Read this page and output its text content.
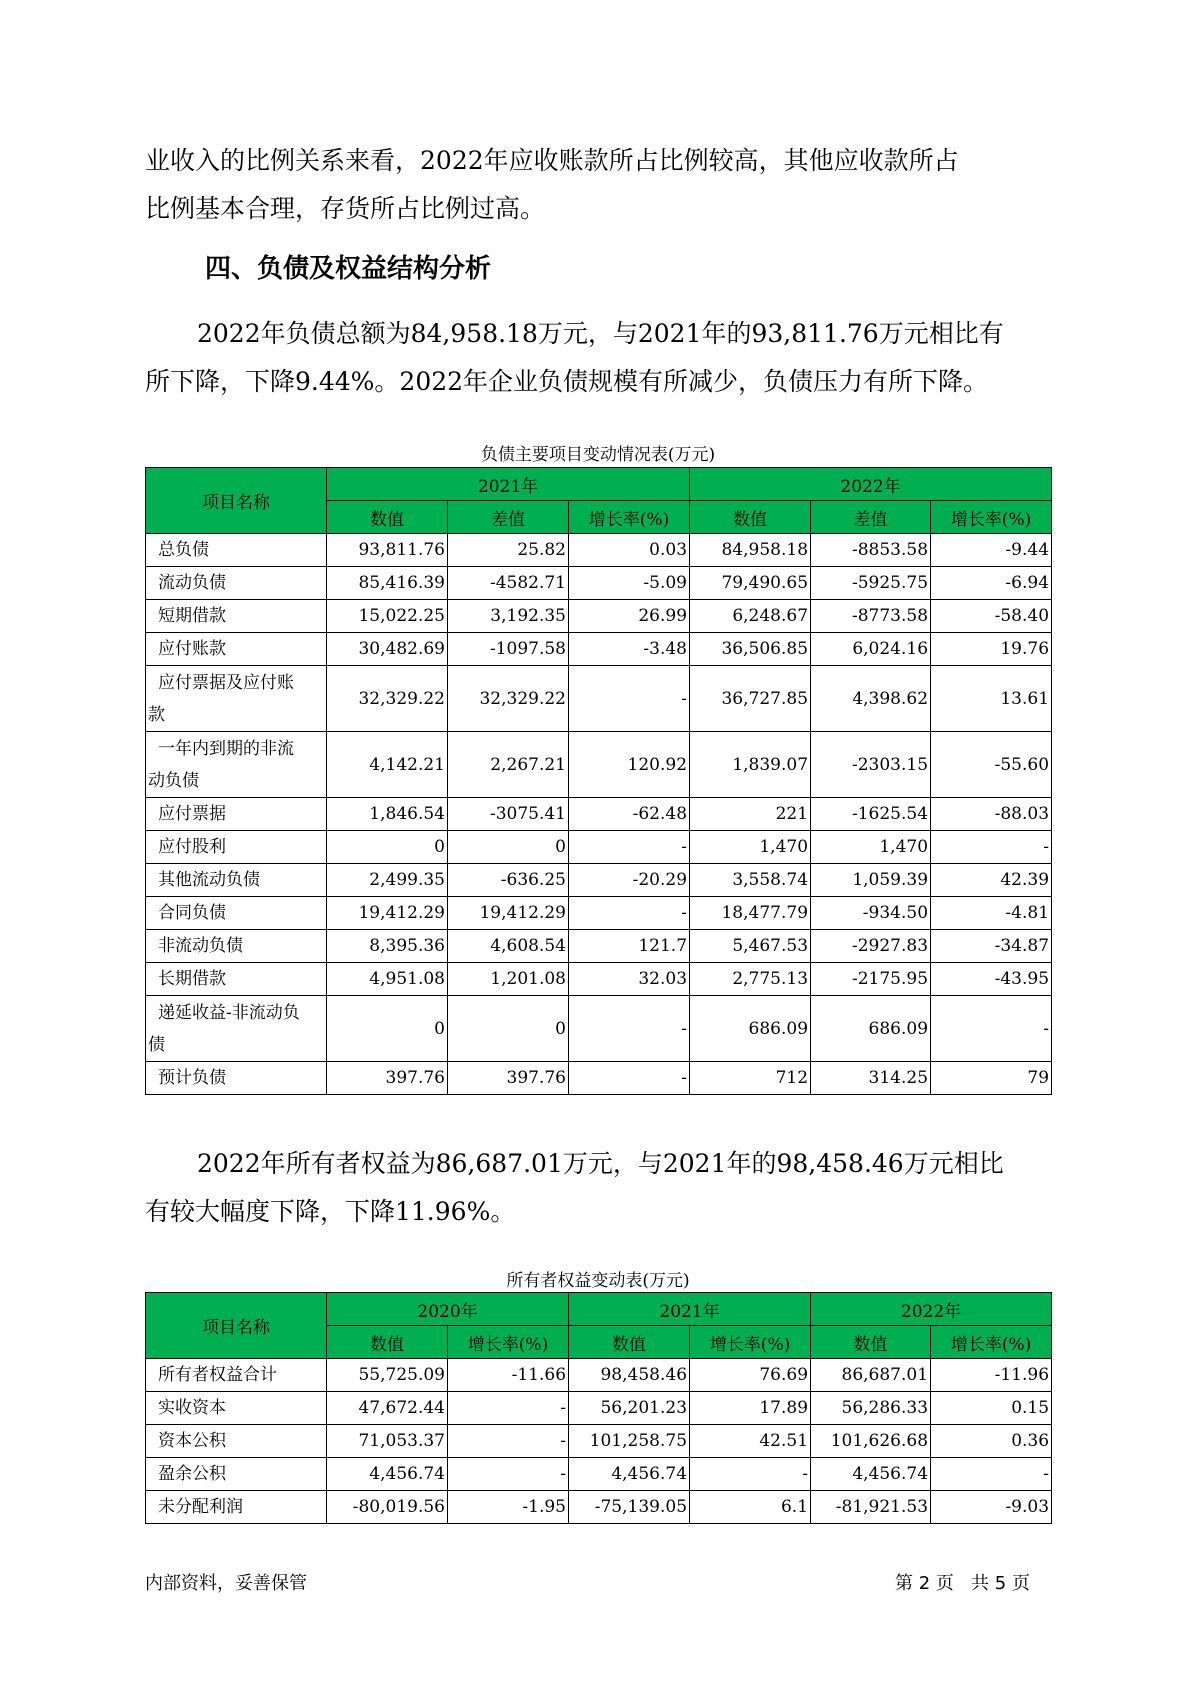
业收入的比例关系来看，2022年应收账款所占比例较高，其他应收款所占

比例基本合理，存货所占比例过高。

四、负债及权益结构分析

2022年负债总额为84,958.18万元，与2021年的93,811.76万元相比有

所下降，下降9.44%。2022年企业负债规模有所减少，负债压力有所下降。

负债主要项目变动情况表(万元)
项目名称	2021年			2022年		
	数值	差值	增长率(%)	数值	差值	增长率(%)
总负债	93,811.76	25.82	0.03	84,958.18	-8853.58	-9.44
流动负债	85,416.39	-4582.71	-5.09	79,490.65	-5925.75	-6.94
短期借款	15,022.25	3,192.35	26.99	6,248.67	-8773.58	-58.40
应付账款	30,482.69	-1097.58	-3.48	36,506.85	6,024.16	19.76
应付票据及应付账
款	32,329.22	32,329.22	-	36,727.85	4,398.62	13.61
一年内到期的非流
动负债	4,142.21	2,267.21	120.92	1,839.07	-2303.15	-55.60
应付票据	1,846.54	-3075.41	-62.48	221	-1625.54	-88.03
应付股利	0	0	-	1,470	1,470	-
其他流动负债	2,499.35	-636.25	-20.29	3,558.74	1,059.39	42.39
合同负债	19,412.29	19,412.29	-	18,477.79	-934.50	-4.81
非流动负债	8,395.36	4,608.54	121.7	5,467.53	-2927.83	-34.87
长期借款	4,951.08	1,201.08	32.03	2,775.13	-2175.95	-43.95
递延收益-非流动负
债	0	0	-	686.09	686.09	-
预计负债	397.76	397.76	-	712	314.25	79

2022年所有者权益为86,687.01万元，与2021年的98,458.46万元相比

有较大幅度下降，下降11.96%。

所有者权益变动表(万元)
项目名称	2020年		2021年		2022年	
	数值	增长率(%)	数值	增长率(%)	数值	增长率(%)
所有者权益合计	55,725.09	-11.66	98,458.46	76.69	86,687.01	-11.96
实收资本	47,672.44	-	56,201.23	17.89	56,286.33	0.15
资本公积	71,053.37	-	101,258.75	42.51	101,626.68	0.36
盈余公积	4,456.74	-	4,456.74	-	4,456.74	-
未分配利润	-80,019.56	-1.95	-75,139.05	6.1	-81,921.53	-9.03
内部资料，妥善保管	第 2 页   共 5 页
